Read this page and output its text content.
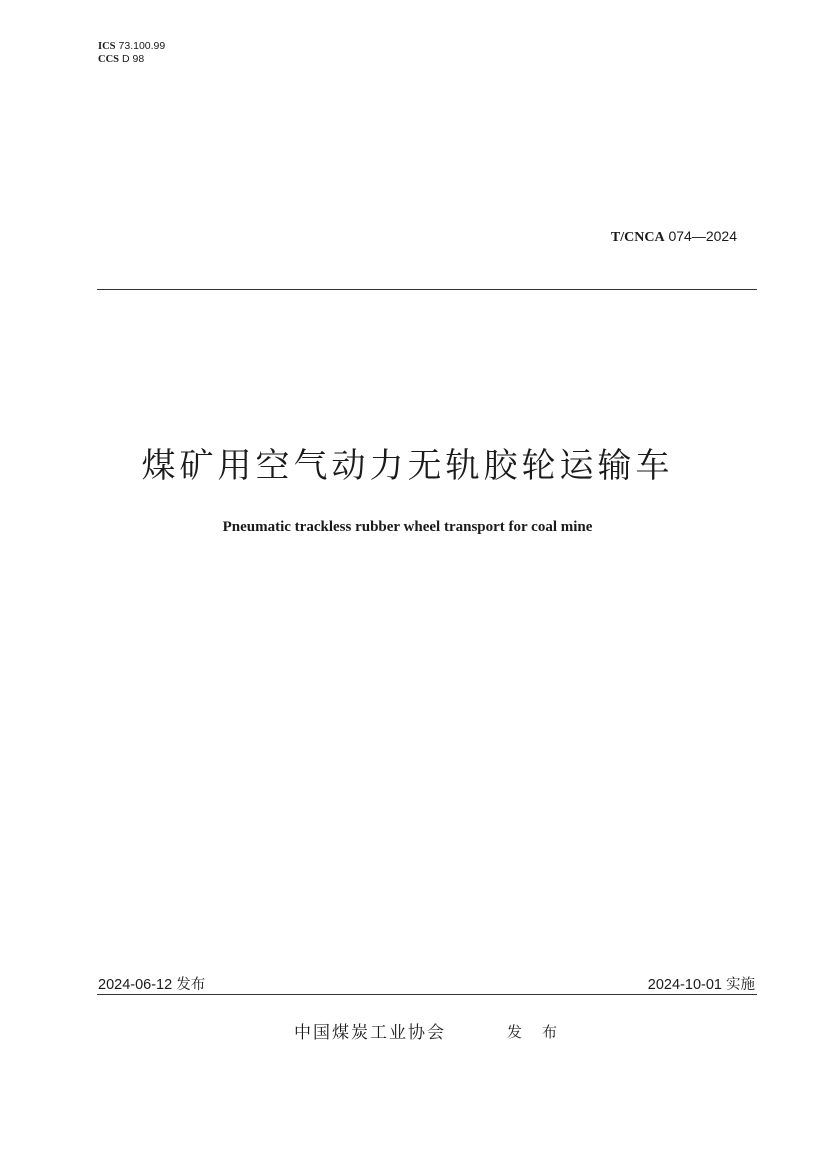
ICS 73.100.99
CCS D 98
T/CNCA 074—2024
煤矿用空气动力无轨胶轮运输车
Pneumatic trackless rubber wheel transport for coal mine
2024-06-12 发布	2024-10-01 实施
中国煤炭工业协会	发布
